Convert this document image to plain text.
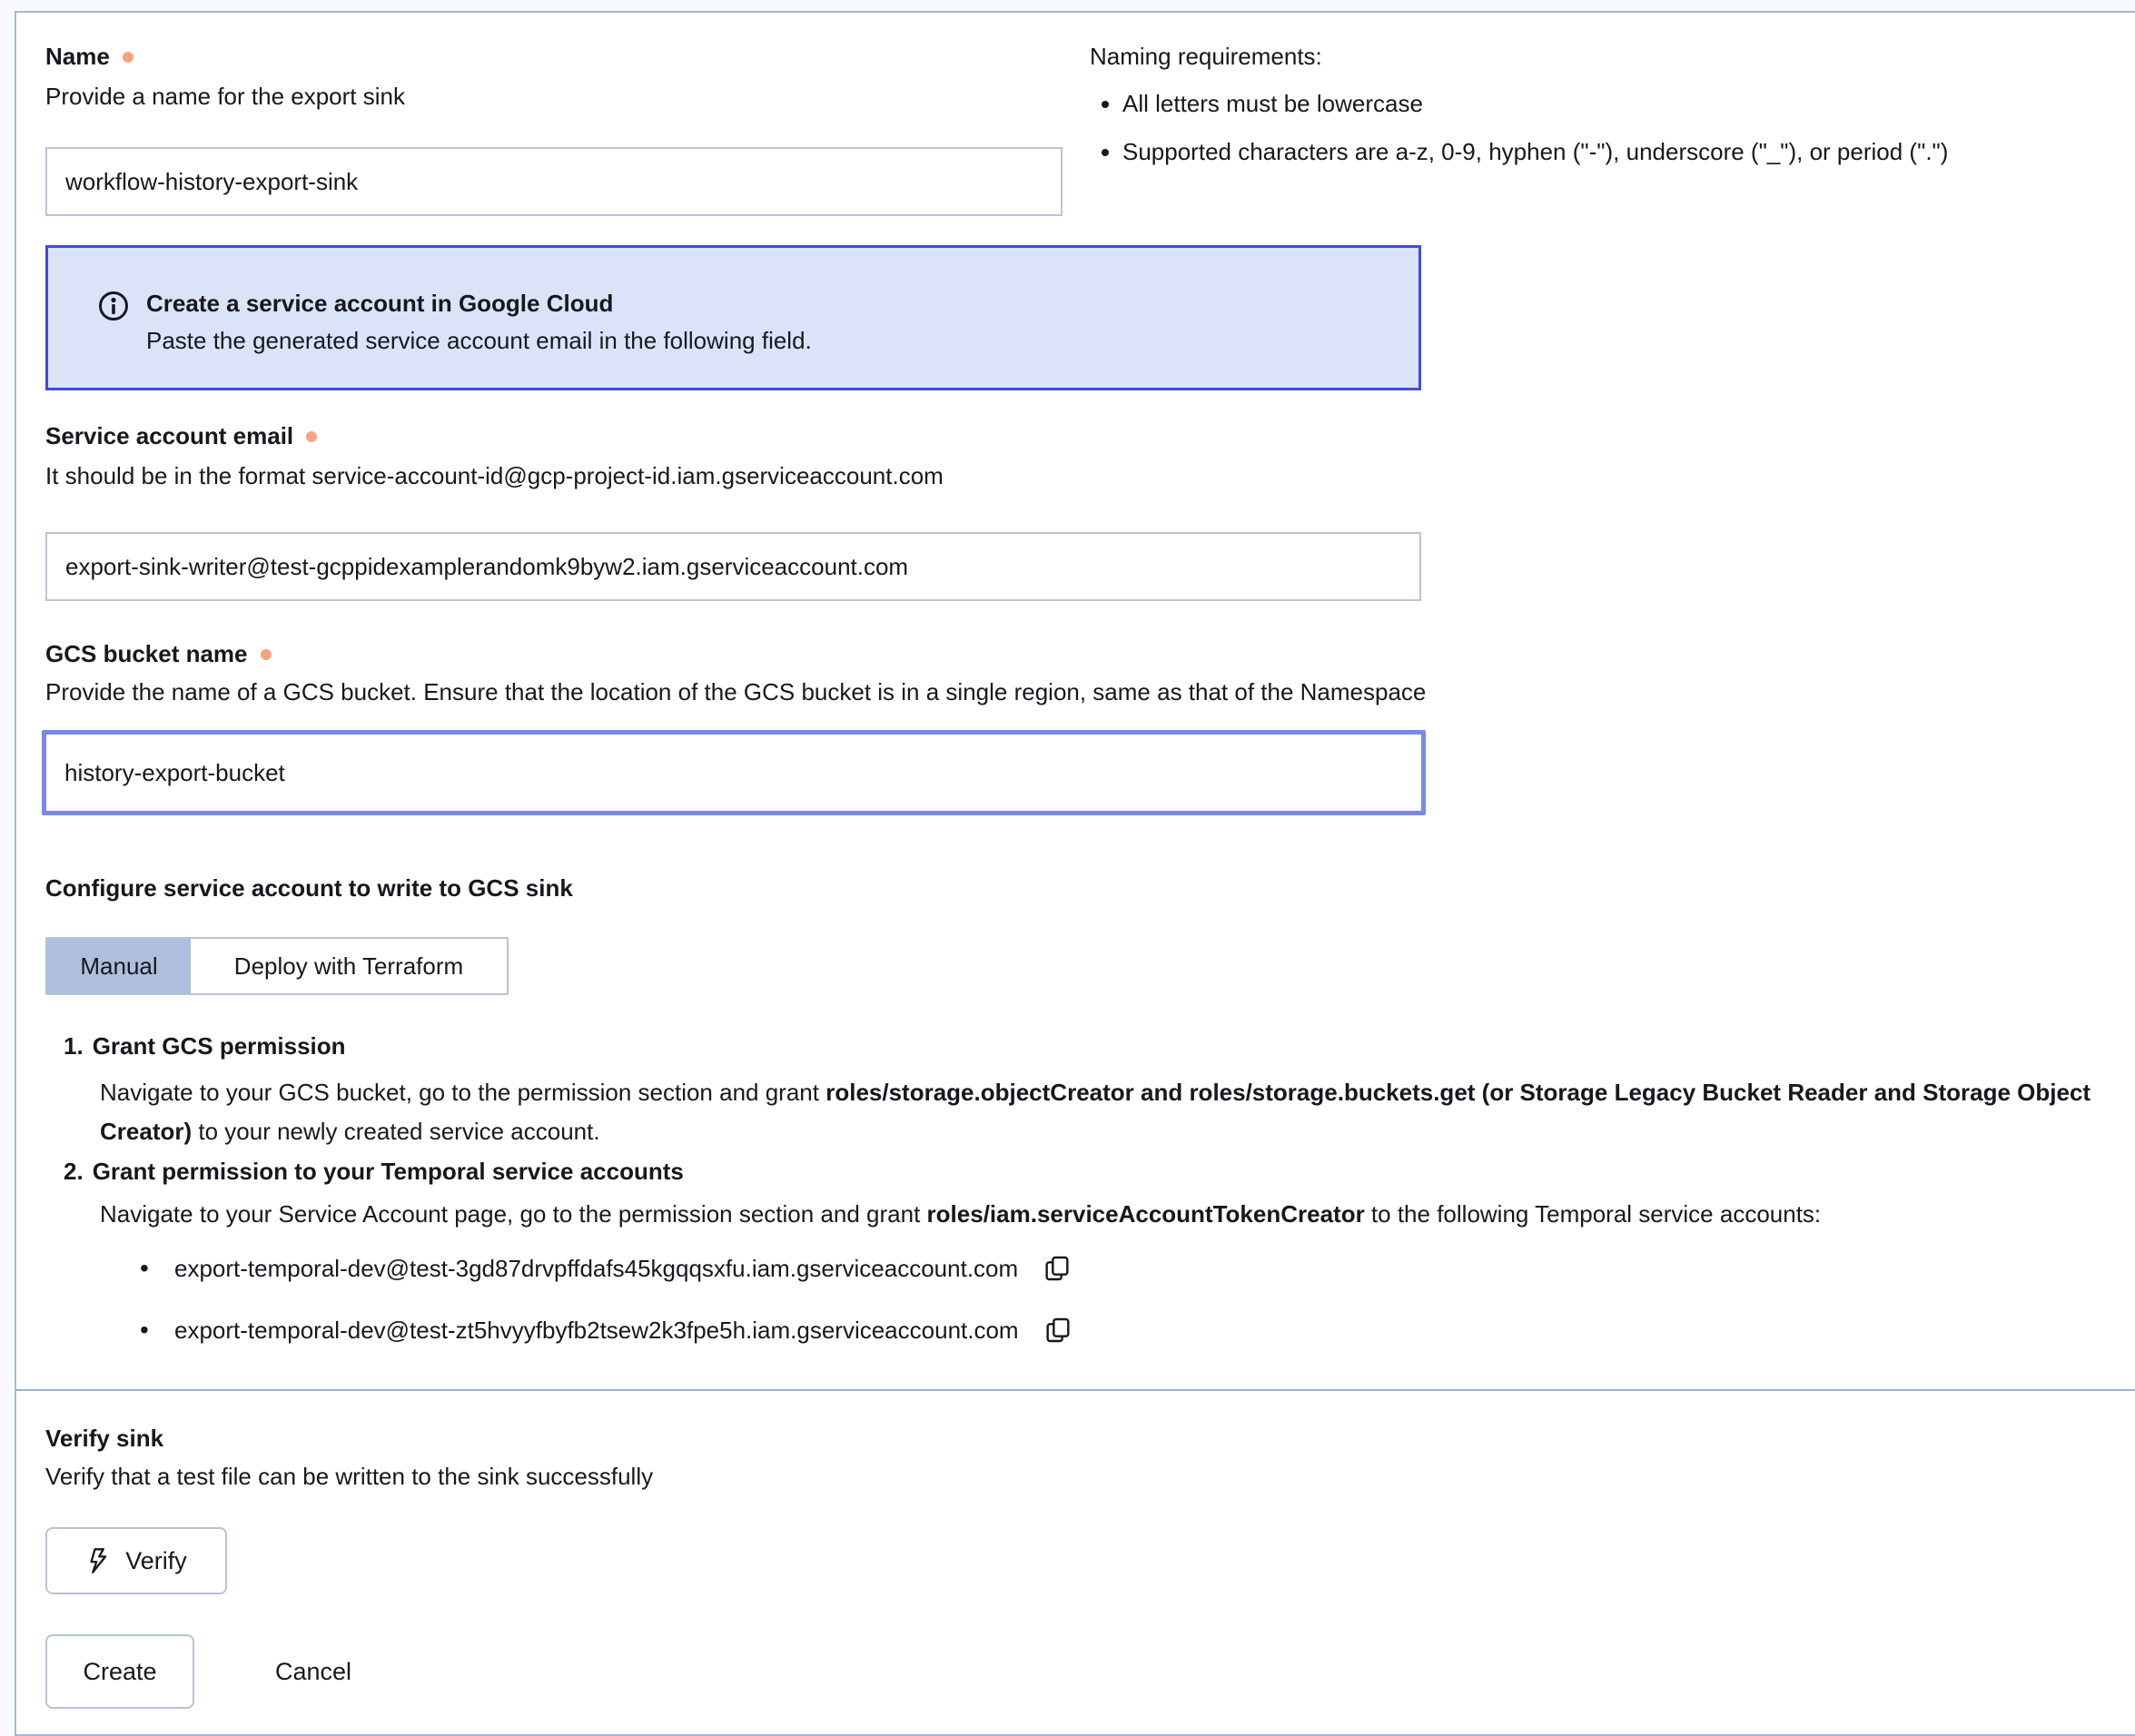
Name
Provide a name for the export sink
workflow-history-export-sink
Naming requirements:
• All letters must be lowercase
• Supported characters are a-z, 0-9, hyphen ("-"), underscore ("_"), or period (".")
Create a service account in Google Cloud
Paste the generated service account email in the following field.
Service account email
It should be in the format service-account-id@gcp-project-id.iam.gserviceaccount.com
export-sink-writer@test-gcppidexamplerandomk9byw2.iam.gserviceaccount.com
GCS bucket name
Provide the name of a GCS bucket. Ensure that the location of the GCS bucket is in a single region, same as that of the Namespace
history-export-bucket
Configure service account to write to GCS sink
Manual	Deploy with Terraform
1. Grant GCS permission
Navigate to your GCS bucket, go to the permission section and grant roles/storage.objectCreator and roles/storage.buckets.get (or Storage Legacy Bucket Reader and Storage Object Creator) to your newly created service account.
2. Grant permission to your Temporal service accounts
Navigate to your Service Account page, go to the permission section and grant roles/iam.serviceAccountTokenCreator to the following Temporal service accounts:
•
export-temporal-dev@test-3gd87drvpffdafs45kgqqsxfu.iam.gserviceaccount.com
•
export-temporal-dev@test-zt5hvyyfbyfb2tsew2k3fpe5h.iam.gserviceaccount.com
Verify sink
Verify that a test file can be written to the sink successfully
Verify
Create	Cancel
